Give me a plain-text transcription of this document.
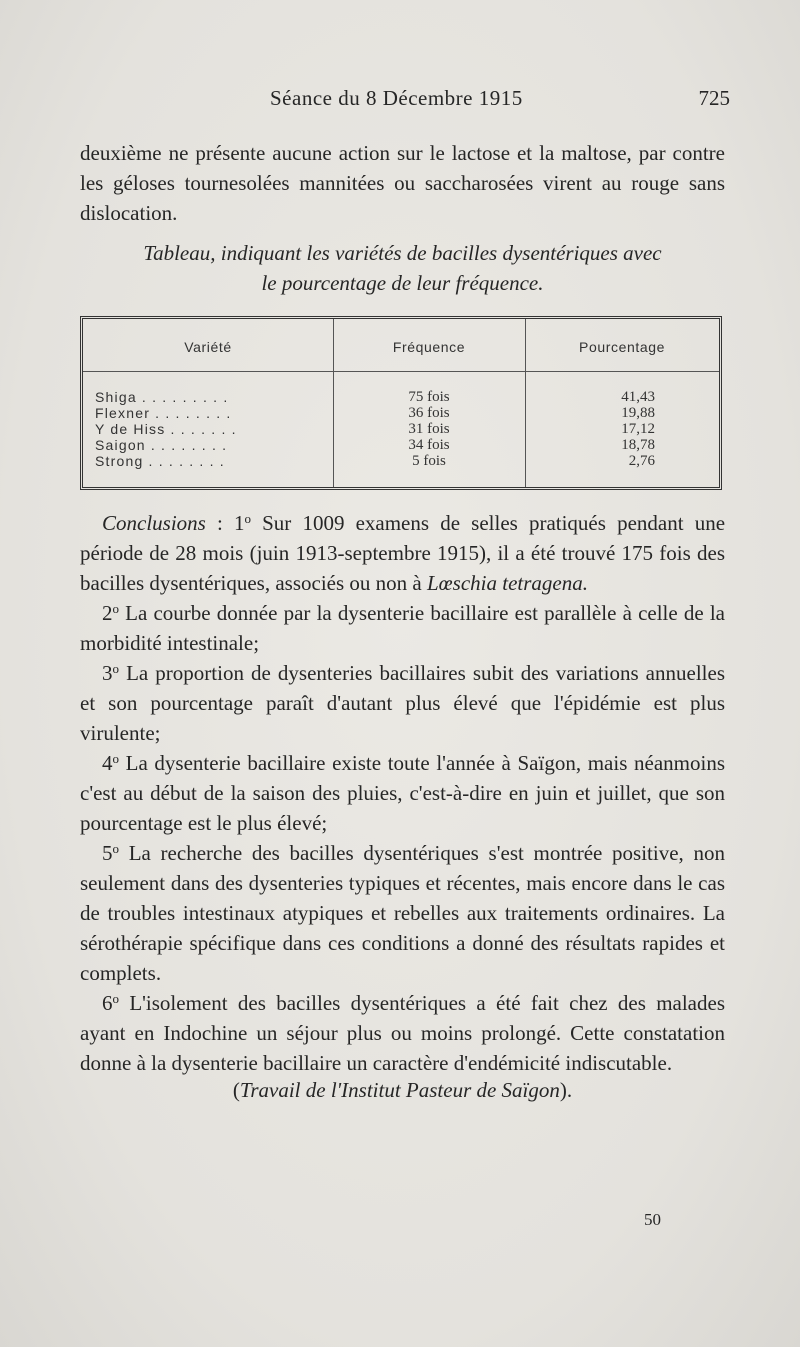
Séance du 8 Décembre 1915	725
deuxième ne présente aucune action sur le lactose et la maltose, par contre les géloses tournesolées mannitées ou saccharosées virent au rouge sans dislocation.
Tableau, indiquant les variétés de bacilles dysentériques avec
le pourcentage de leur fréquence.
Variété	Fréquence	Pourcentage
Shiga . . . . . . . . .	75 fois	41,43
Flexner . . . . . . . .	36 fois	19,88
Y de Hiss . . . . . . .	31 fois	17,12
Saigon . . . . . . . .	34 fois	18,78
Strong . . . . . . . .	5 fois	2,76

Conclusions : 1$^o$ Sur 1009 examens de selles pratiqués pendant une période de 28 mois (juin 1913-septembre 1915), il a été trouvé 175 fois des bacilles dysentériques, associés ou non à Lœschia tetragena.

2$^o$ La courbe donnée par la dysenterie bacillaire est parallèle à celle de la morbidité intestinale;

3$^o$ La proportion de dysenteries bacillaires subit des variations annuelles et son pourcentage paraît d'autant plus élevé que l'épidémie est plus virulente;

4$^o$ La dysenterie bacillaire existe toute l'année à Saïgon, mais néanmoins c'est au début de la saison des pluies, c'est-à-dire en juin et juillet, que son pourcentage est le plus élevé;

5$^o$ La recherche des bacilles dysentériques s'est montrée positive, non seulement dans des dysenteries typiques et récentes, mais encore dans le cas de troubles intestinaux atypiques et rebelles aux traitements ordinaires. La sérothérapie spécifique dans ces conditions a donné des résultats rapides et complets.

6$^o$ L'isolement des bacilles dysentériques a été fait chez des malades ayant en Indochine un séjour plus ou moins prolongé. Cette constatation donne à la dysenterie bacillaire un caractère d'endémicité indiscutable.

(Travail de l'Institut Pasteur de Saïgon).
50
